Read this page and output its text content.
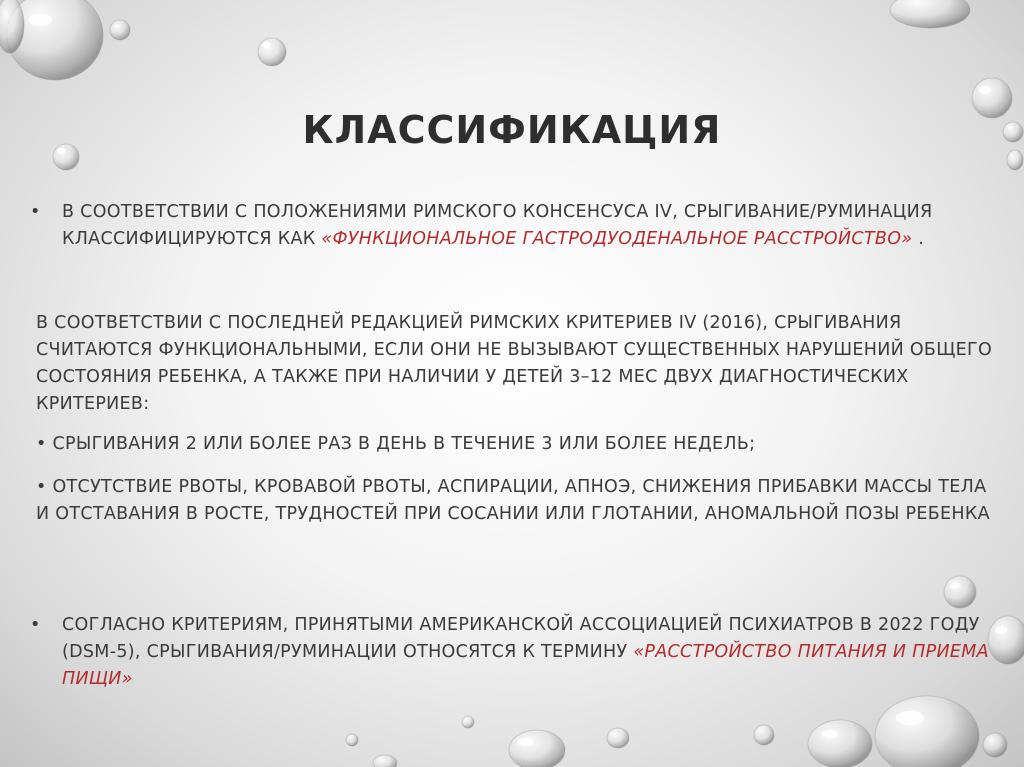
КЛАССИФИКАЦИЯ
• В СООТВЕТСТВИИ С ПОЛОЖЕНИЯМИ РИМСКОГО КОНСЕНСУСА IV, СРЫГИВАНИЕ/РУМИНАЦИЯ КЛАССИФИЦИРУЮТСЯ КАК «ФУНКЦИОНАЛЬНОЕ ГАСТРОДУОДЕНАЛЬНОЕ РАССТРОЙСТВО» .
В СООТВЕТСТВИИ С ПОСЛЕДНЕЙ РЕДАКЦИЕЙ РИМСКИХ КРИТЕРИЕВ IV (2016), СРЫГИВАНИЯ СЧИТАЮТСЯ ФУНКЦИОНАЛЬНЫМИ, ЕСЛИ ОНИ НЕ ВЫЗЫВАЮТ СУЩЕСТВЕННЫХ НАРУШЕНИЙ ОБЩЕГО СОСТОЯНИЯ РЕБЕНКА, А ТАКЖЕ ПРИ НАЛИЧИИ У ДЕТЕЙ 3–12 МЕС ДВУХ ДИАГНОСТИЧЕСКИХ КРИТЕРИЕВ:
• СРЫГИВАНИЯ 2 ИЛИ БОЛЕЕ РАЗ В ДЕНЬ В ТЕЧЕНИЕ 3 ИЛИ БОЛЕЕ НЕДЕЛЬ;
• ОТСУТСТВИЕ РВОТЫ, КРОВАВОЙ РВОТЫ, АСПИРАЦИИ, АПНОЭ, СНИЖЕНИЯ ПРИБАВКИ МАССЫ ТЕЛА И ОТСТАВАНИЯ В РОСТЕ, ТРУДНОСТЕЙ ПРИ СОСАНИИ ИЛИ ГЛОТАНИИ, АНОМАЛЬНОЙ ПОЗЫ РЕБЕНКА
• СОГЛАСНО КРИТЕРИЯМ, ПРИНЯТЫМИ АМЕРИКАНСКОЙ АССОЦИАЦИЕЙ ПСИХИАТРОВ В 2022 ГОДУ (DSM-5), СРЫГИВАНИЯ/РУМИНАЦИИ ОТНОСЯТСЯ К ТЕРМИНУ «РАССТРОЙСТВО ПИТАНИЯ И ПРИЕМА ПИЩИ»
